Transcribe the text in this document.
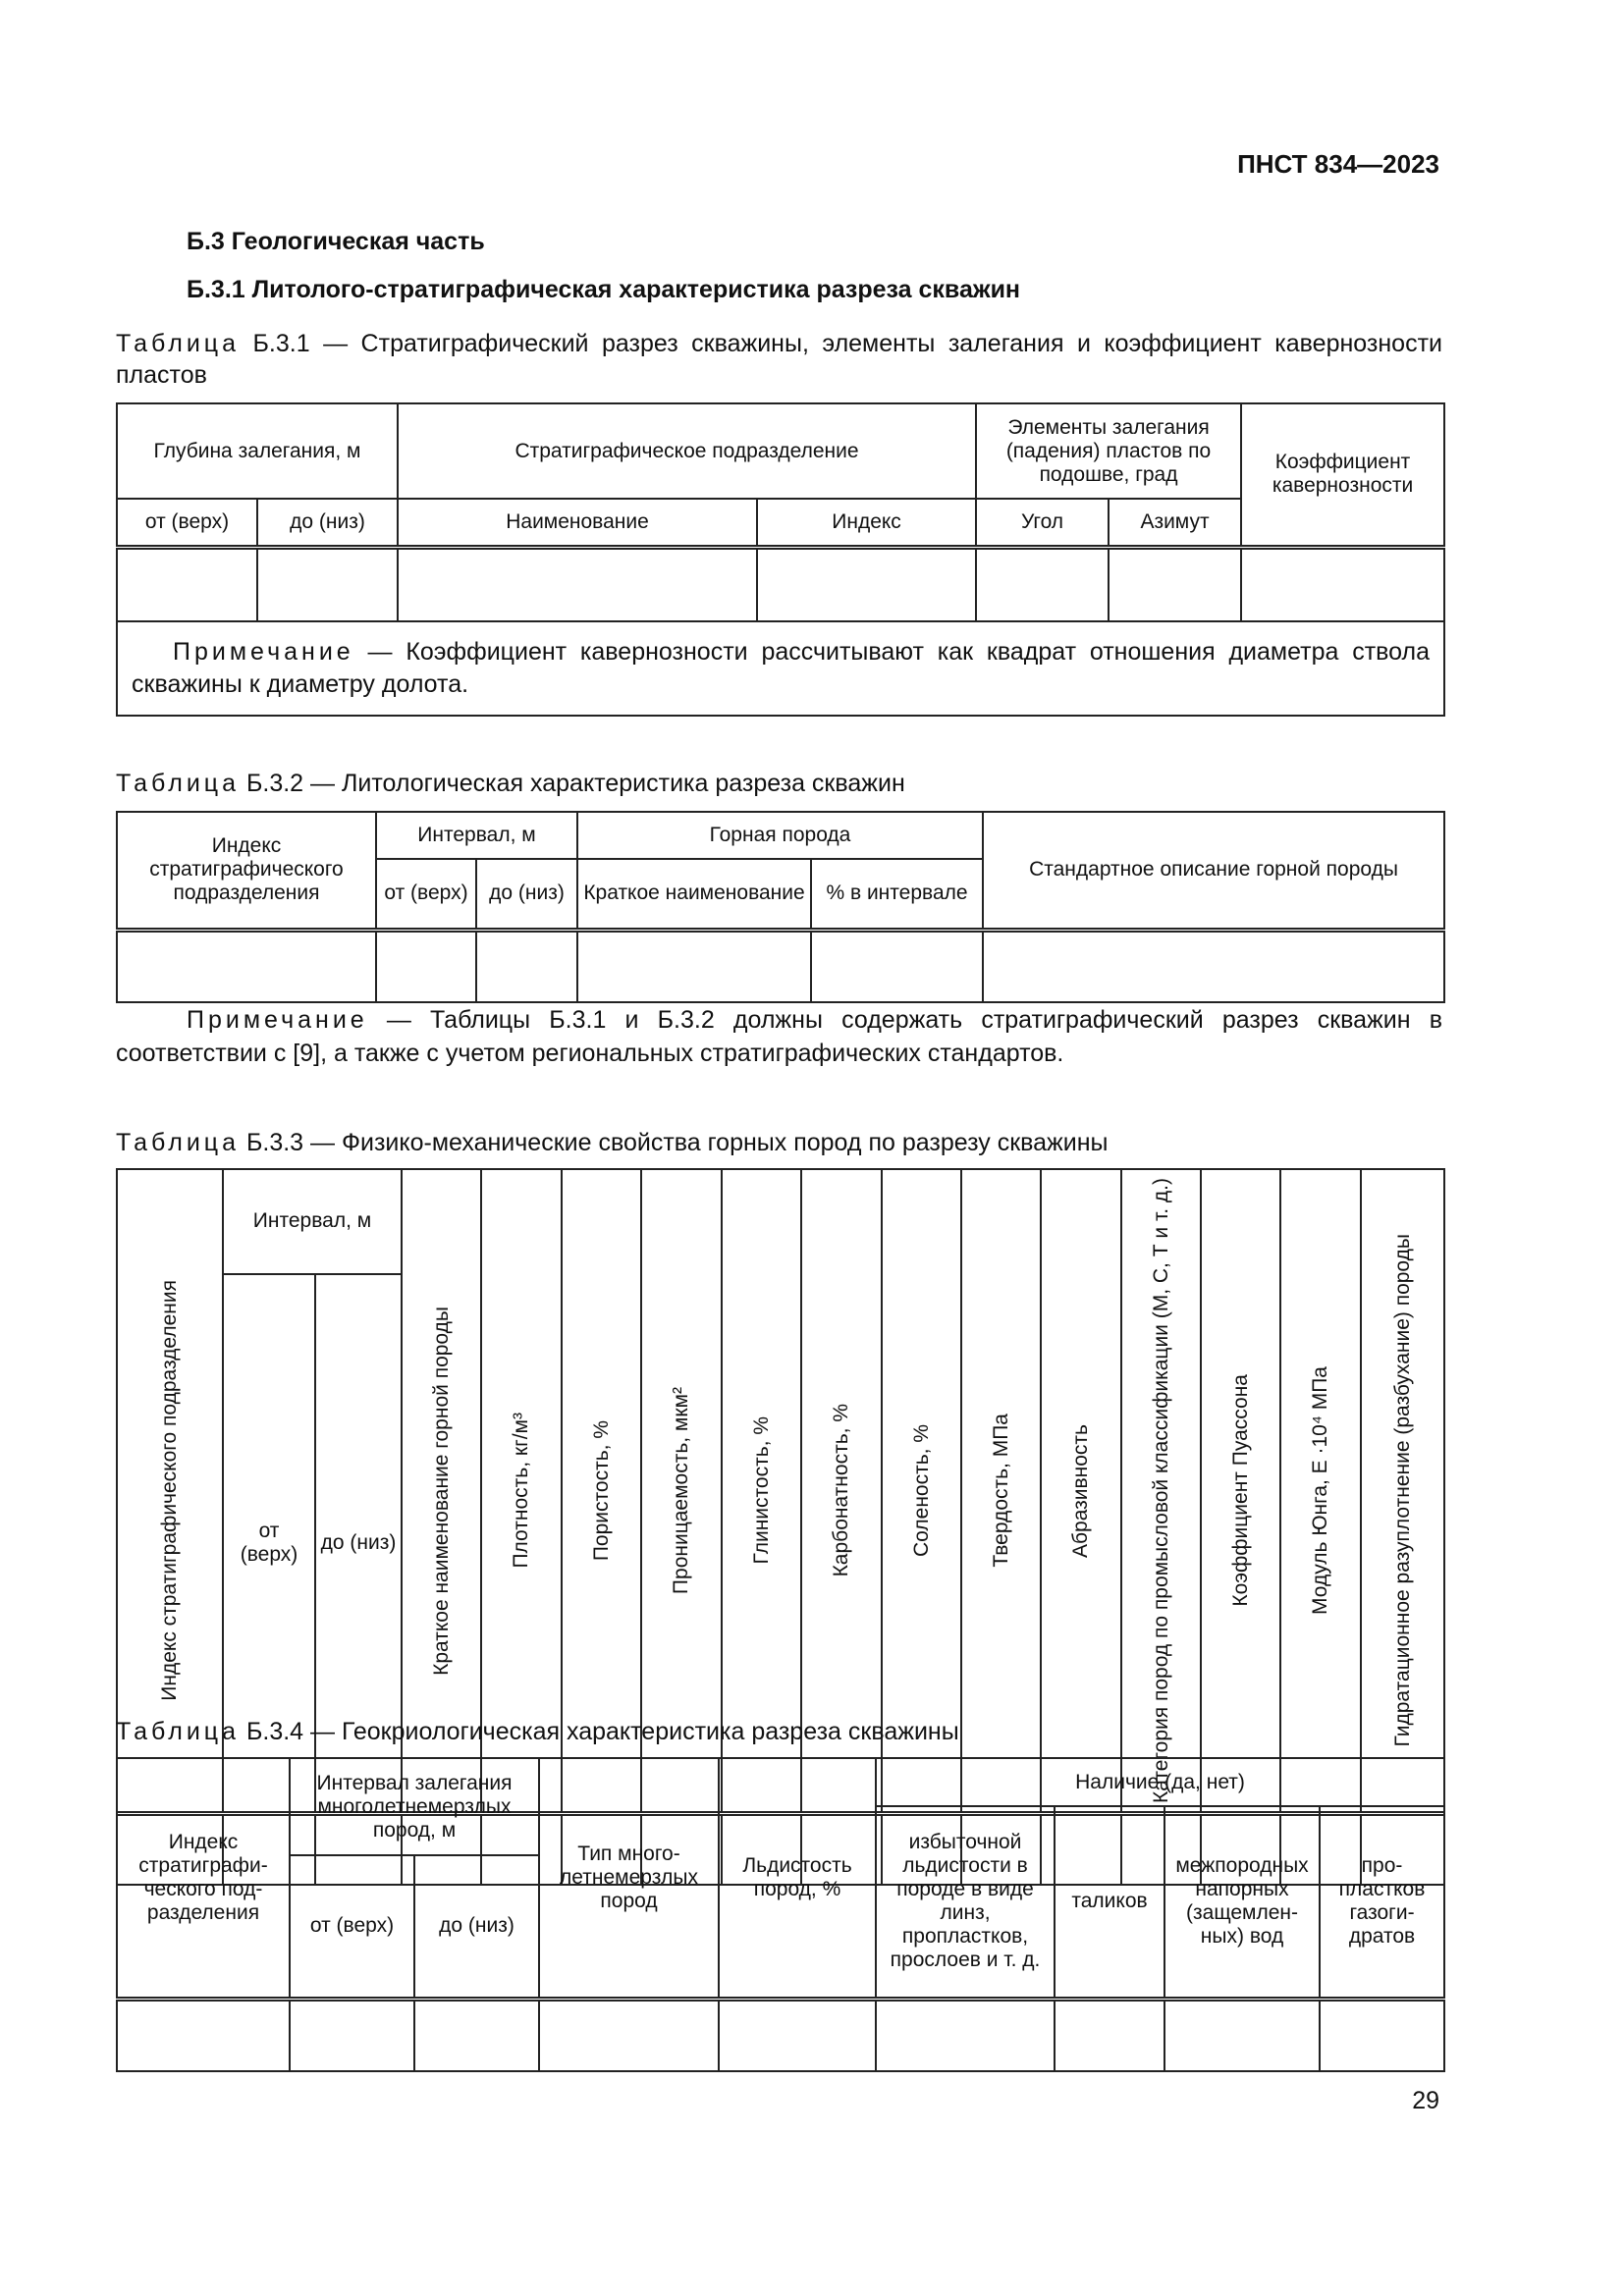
ПНСТ 834—2023
Б.3 Геологическая часть
Б.3.1 Литолого-стратиграфическая характеристика разреза скважин
Таблица Б.3.1 — Стратиграфический разрез скважины, элементы залегания и коэффициент кавернозности пластов
Глубина залегания, м		Стратиграфическое подразделение		Элементы залегания (падения) пластов по подошве, град		Коэффициент кавернозности
от (верх)	до (низ)	Наименование	Индекс	Угол	Азимут	

Примечание — Коэффициент кавернозности рассчитывают как квадрат отношения диаметра ствола скважины к диаметру долота.						
Таблица Б.3.2 — Литологическая характеристика разреза скважин
Индекс стратиграфического подразделения	Интервал, м		Горная порода		Стандартное описание горной породы
	от (верх)	до (низ)	Краткое наименование	% в интервале	

Примечание — Таблицы Б.3.1 и Б.3.2 должны содержать стратиграфический разрез скважин в соответствии с [9], а также с учетом региональных стратиграфических стандартов.
Таблица Б.3.3 — Физико-механические свойства горных пород по разрезу скважины
Индекс стратиграфического подразделения	Интервал, м		Краткое наименование горной породы	Плотность, кг/м³	Пористость, %	Проницаемость, мкм²	Глинистость, %	Карбонатность, %	Соленость, %	Твердость, МПа	Абразивность	Категория пород по промысловой классификации (М, С, Т и т. д.)	Коэффициент Пуассона	Модуль Юнга, Е ·10⁴ МПа	Гидратационное разуплотнение (разбухание) породы

	от (верх)	до (низ)													

Таблица Б.3.4 — Геокриологическая характеристика разреза скважины
Индекс стратиграфического подразделения	Интервал залегания многолетнемерзлых пород, м		Тип многолетнемерзлых пород	Льдистость пород, %	Наличие (да, нет)			
					избыточной льдистости в породе в виде линз, пропластков, прослоев и т. д.	таликов	межпородных напорных (защемленных) вод	пропластков газогидратов
	от (верх)	до (низ)						

29
